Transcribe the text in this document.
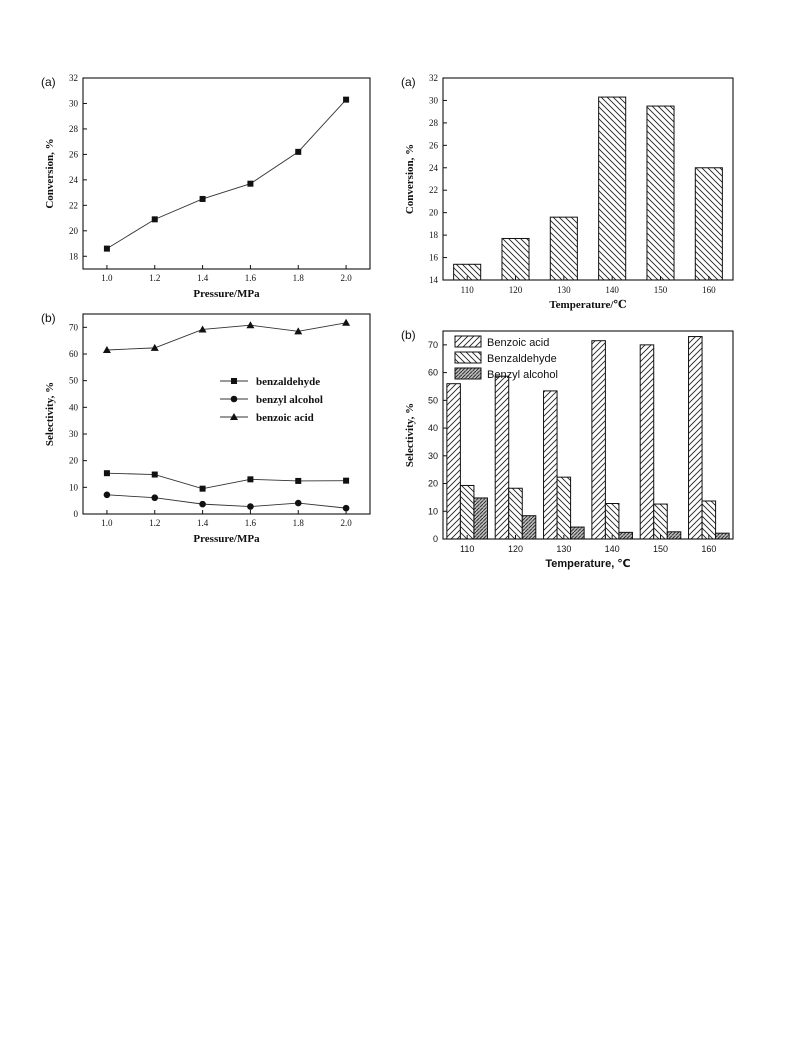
1.0	1.2	1.4	1.6	1.8	2.0
18
20
22
24
26
28
30
32
Pressure/MPa
Conversion, %
(a)
1.0	1.2	1.4	1.6	1.8	2.0
0
10
20
30
40
50
60
70
Pressure/MPa
Selectivity, %
(b)
benzaldehyde
benzyl alcohol
benzoic acid
110	120	130	140	150	160
14
16
18
20
22
24
26
28
30
32
Temperature/℃
Conversion, %
(a)
110	120	130	140	150	160
0
10
20
30
40
50
60
70
Temperature, ℃
Selectivity, %
(b)
Benzoic acid
Benzaldehyde
Benzyl alcohol
